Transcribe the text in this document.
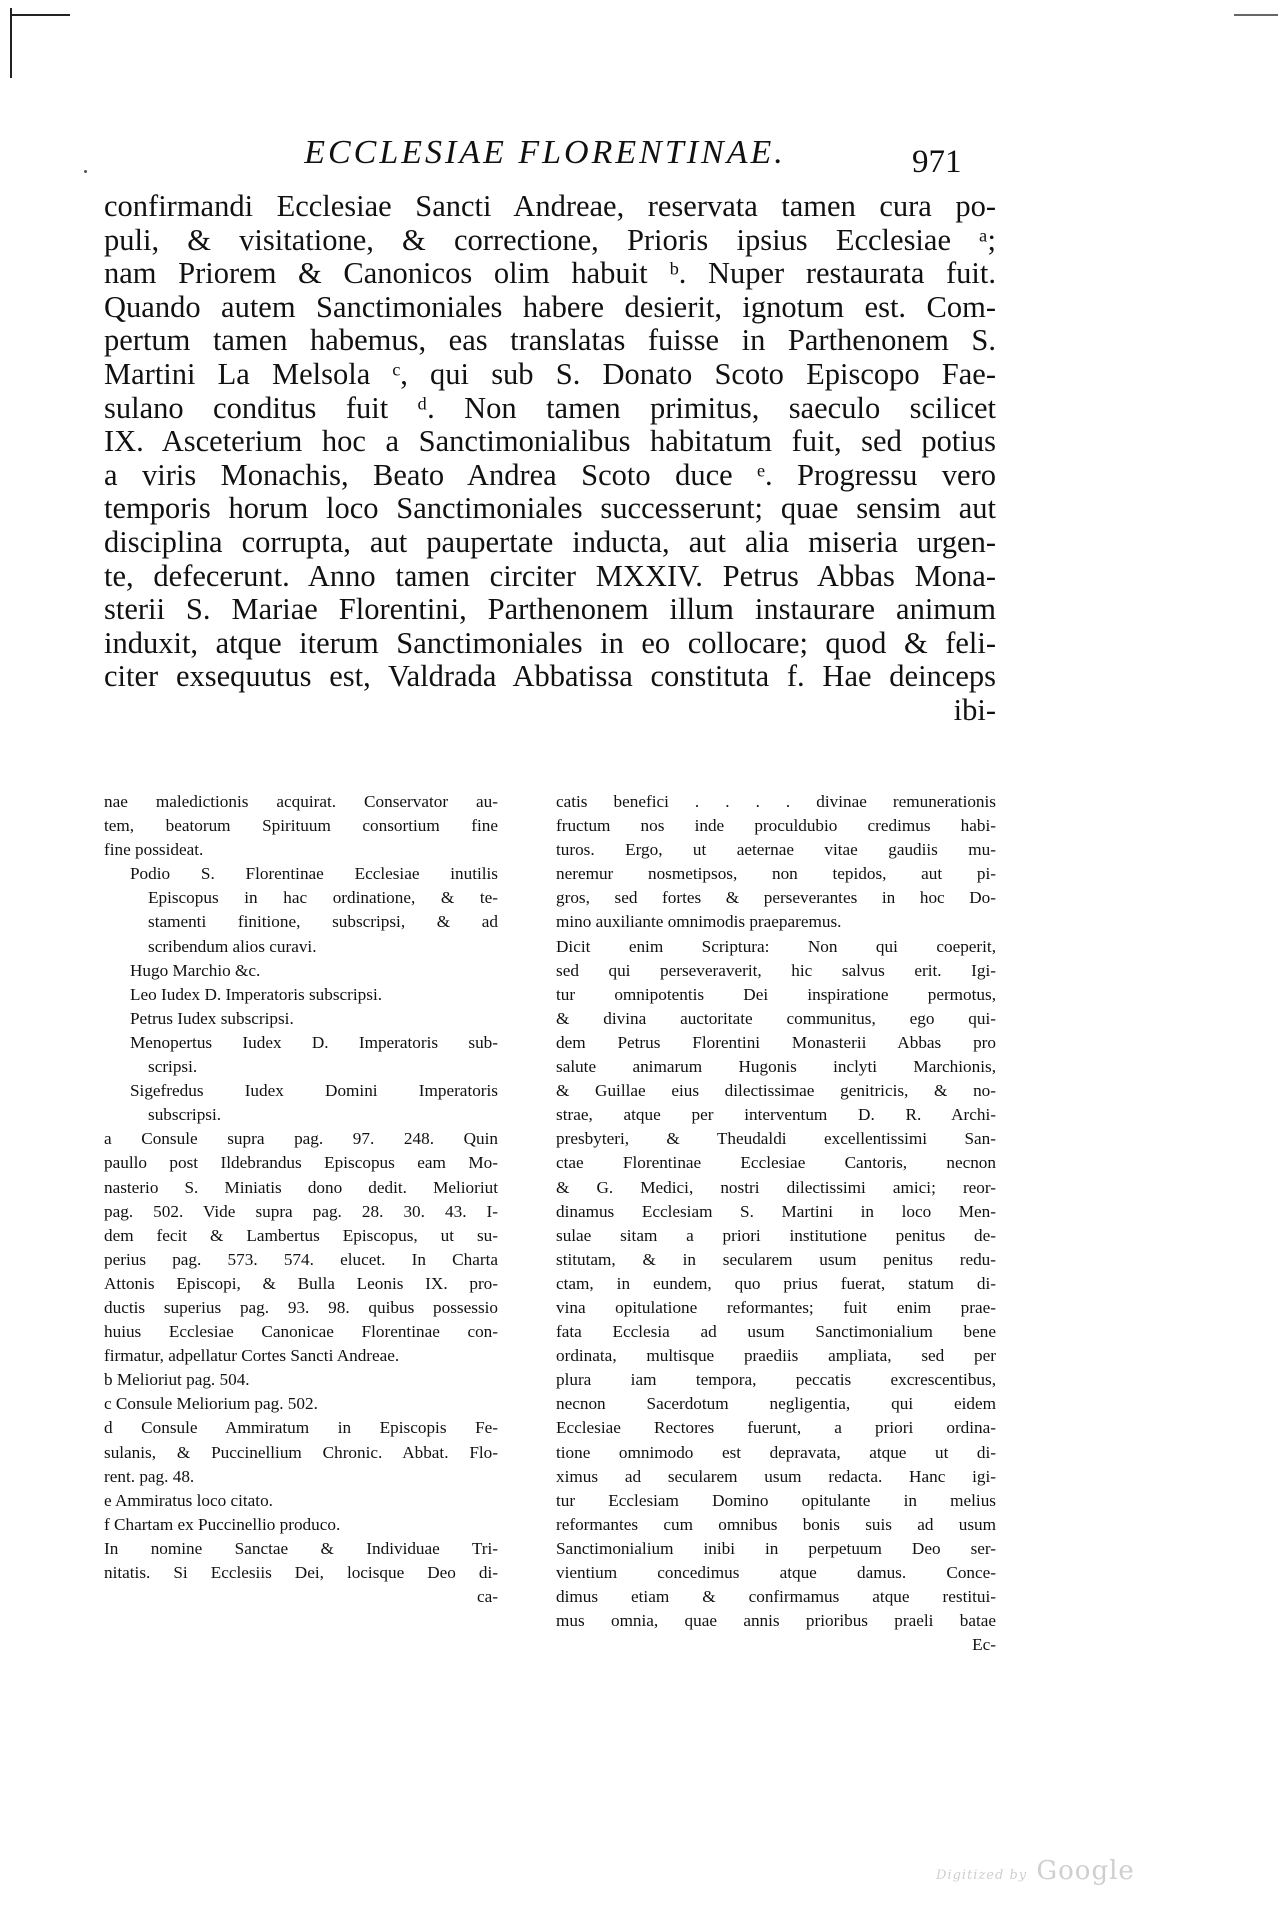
ECCLESIAE FLORENTINAE.	971
confirmandi Ecclesiae Sancti Andreae, reservata tamen cura po-
puli, & visitatione, & correctione, Prioris ipsius Ecclesiae ᵃ;
nam Priorem & Canonicos olim habuit ᵇ. Nuper restaurata fuit.
Quando autem Sanctimoniales habere desierit, ignotum est. Com-
pertum tamen habemus, eas translatas fuisse in Parthenonem S.
Martini La Melsola ᶜ, qui sub S. Donato Scoto Episcopo Fae-
sulano conditus fuit ᵈ. Non tamen primitus, saeculo scilicet
IX. Asceterium hoc a Sanctimonialibus habitatum fuit, sed potius
a viris Monachis, Beato Andrea Scoto duce ᵉ. Progressu vero
temporis horum loco Sanctimoniales successerunt; quae sensim aut
disciplina corrupta, aut paupertate inducta, aut alia miseria urgen-
te, defecerunt. Anno tamen circiter MXXIV. Petrus Abbas Mona-
sterii S. Mariae Florentini, Parthenonem illum instaurare animum
induxit, atque iterum Sanctimoniales in eo collocare; quod & feli-
citer exsequutus est, Valdrada Abbatissa constituta f. Hae deinceps
ibi-
nae maledictionis acquirat. Conservator au-
tem, beatorum Spirituum consortium fine
fine possideat.
Podio S. Florentinae Ecclesiae inutilis
Episcopus in hac ordinatione, & te-
stamenti finitione, subscripsi, & ad
scribendum alios curavi.
Hugo Marchio &c.
Leo Iudex D. Imperatoris subscripsi.
Petrus Iudex subscripsi.
Menopertus Iudex D. Imperatoris sub-
scripsi.
Sigefredus Iudex Domini Imperatoris
subscripsi.
a Consule supra pag. 97. 248. Quin
paullo post Ildebrandus Episcopus eam Mo-
nasterio S. Miniatis dono dedit. Melioriut
pag. 502. Vide supra pag. 28. 30. 43. I-
dem fecit & Lambertus Episcopus, ut su-
perius pag. 573. 574. elucet. In Charta
Attonis Episcopi, & Bulla Leonis IX. pro-
ductis superius pag. 93. 98. quibus possessio
huius Ecclesiae Canonicae Florentinae con-
firmatur, adpellatur Cortes Sancti Andreae.
b Melioriut pag. 504.
c Consule Meliorium pag. 502.
d Consule Ammiratum in Episcopis Fe-
sulanis, & Puccinellium Chronic. Abbat. Flo-
rent. pag. 48.
e Ammiratus loco citato.
f Chartam ex Puccinellio produco.
In nomine Sanctae & Individuae Tri-
nitatis. Si Ecclesiis Dei, locisque Deo di-
ca-
catis benefici . . . . divinae remunerationis
fructum nos inde proculdubio credimus habi-
turos. Ergo, ut aeternae vitae gaudiis mu-
neremur nosmetipsos, non tepidos, aut pi-
gros, sed fortes & perseverantes in hoc Do-
mino auxiliante omnimodis praeparemus.
Dicit enim Scriptura: Non qui coeperit,
sed qui perseveraverit, hic salvus erit. Igi-
tur omnipotentis Dei inspiratione permotus,
& divina auctoritate communitus, ego qui-
dem Petrus Florentini Monasterii Abbas pro
salute animarum Hugonis inclyti Marchionis,
& Guillae eius dilectissimae genitricis, & no-
strae, atque per interventum D. R. Archi-
presbyteri, & Theudaldi excellentissimi San-
ctae Florentinae Ecclesiae Cantoris, necnon
& G. Medici, nostri dilectissimi amici; reor-
dinamus Ecclesiam S. Martini in loco Men-
sulae sitam a priori institutione penitus de-
stitutam, & in secularem usum penitus redu-
ctam, in eundem, quo prius fuerat, statum di-
vina opitulatione reformantes; fuit enim prae-
fata Ecclesia ad usum Sanctimonialium bene
ordinata, multisque praediis ampliata, sed per
plura iam tempora, peccatis excrescentibus,
necnon Sacerdotum negligentia, qui eidem
Ecclesiae Rectores fuerunt, a priori ordina-
tione omnimodo est depravata, atque ut di-
ximus ad secularem usum redacta. Hanc igi-
tur Ecclesiam Domino opitulante in melius
reformantes cum omnibus bonis suis ad usum
Sanctimonialium inibi in perpetuum Deo ser-
vientium concedimus atque damus. Conce-
dimus etiam & confirmamus atque restitui-
mus omnia, quae annis prioribus praeli batae
Ec-
Digitized by Google
